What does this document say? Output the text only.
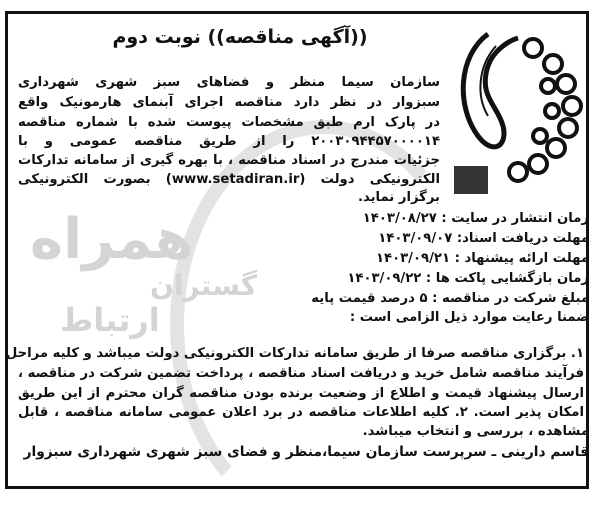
همراه
گستران
ارتباط
((آگهی مناقصه)) نوبت دوم
سازمان سیما منظر و فضاهای سبز شهری شهرداری
سبزوار در نظر دارد مناقصه اجرای آبنمای هارمونیک واقع
در پارک ارم طبق مشخصات پیوست شده با شماره مناقصه
۲۰۰۳۰۹۴۴۵۷۰۰۰۰۱۴ را از طریق مناقصه عمومی و با
جزئیات مندرج در اسناد مناقصه ، با بهره گیری از سامانه تدارکات
الکترونیکی دولت (www.setadiran.ir) بصورت الکترونیکی
برگزار نماید.
زمان انتشار در سایت : ۱۴۰۳/۰۸/۲۷
مهلت دریافت اسناد: ۱۴۰۳/۰۹/۰۷
مهلت ارائه پیشنهاد : ۱۴۰۳/۰۹/۲۱
زمان بازگشایی پاکت ها : ۱۴۰۳/۰۹/۲۲
مبلغ شرکت در مناقصه : ۵ درصد قیمت پایه
ضمنا رعایت موارد ذیل الزامی است :
۱. برگزاری مناقصه صرفا از طریق سامانه تدارکات الکترونیکی دولت میباشد و کلیه مراحل
فرآیند مناقصه شامل خرید و دریافت اسناد مناقصه ، پرداخت تضمین شرکت در مناقصه ،
ارسال پیشنهاد قیمت و اطلاع از وضعیت برنده بودن مناقصه گران محترم از این طریق
امکان پذیر است. ۲. کلیه اطلاعات مناقصه در برد اعلان عمومی سامانه مناقصه ، قابل
مشاهده ، بررسی و انتخاب میباشد.
قاسم دارینی ـ سرپرست سازمان سیما،منظر و فضای سبز شهری شهرداری سبزوار
